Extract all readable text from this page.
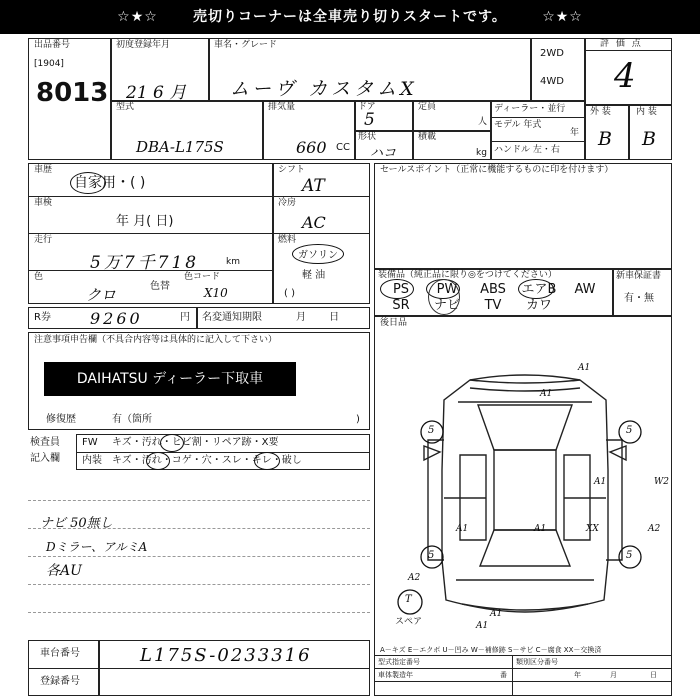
☆★☆	売切りコーナーは全車売り切りスタートです。	☆★☆
出品番号
[1904]
8013
初度登録年月
21 6 月
車名・グレード
ムーヴ カスタムX
2WD
4WD
評 価 点
4
型式
DBA-L175S
排気量
660 CC
ドア
5
定員
人
形状
ハコ
積載
kg
ディーラー・並行
モデル 年式
年
ハンドル 左・右
外 装	内 装
B B
車歴
自家用・( )
車検
年 月( 日)
走行
5万7千718	km
色
クロ	色替
色コード
X10
シフト
AT
冷房
AC
燃料
ガソリン
軽 油
( )
R券 9260	円 名変通知期限	月 日
セールスポイント（正常に機能するものに印を付けます）
装備品（純正品に限り◎をつけてください）	新車保証書
有・無
PS	PW	ABS	エアB	AW
SR	ナビ	TV	カワ
後日品
注意事項申告欄（不具合内容等は具体的に記入して下さい）
DAIHATSU ディーラー下取車
修復歴	有（箇所	)
検査員
記入欄
FW キズ・汚れ・ヒビ割・リペア跡・X要
内装 キズ・汚れ・コゲ・穴・スレ・キレ・破し
ナビ 50無し
Dミラー、アルミA
各AU
5	5
5	5
T
スペア
A1
A1
A1
A1	A1	XX	A2
W2
A2
A1
A1
A－キズ E－エクボ U－凹み W－補修跡 S－サビ C－腐食 XX－交換済
型式指定番号	類別区分番号
車体製造年	番	年	月	日
車台番号	L175S-0233316
登録番号
